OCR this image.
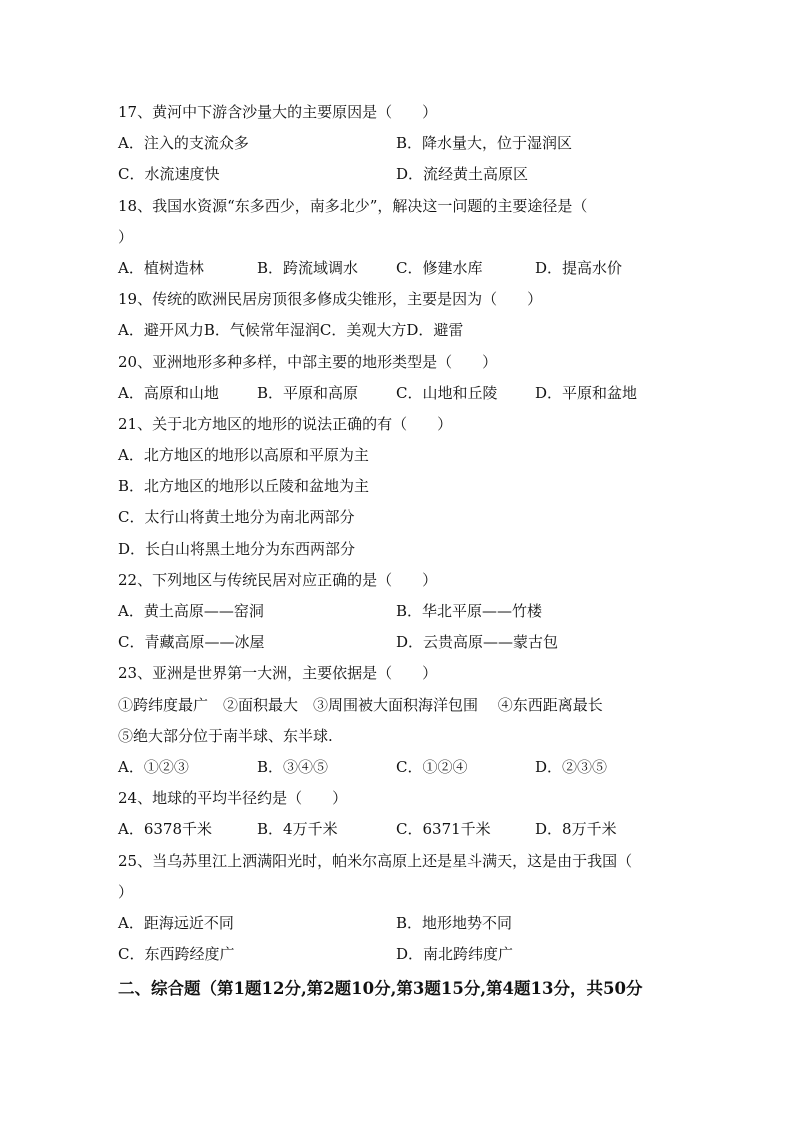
17、黄河中下游含沙量大的主要原因是（　　）
A．注入的支流众多	B．降水量大，位于湿润区
C．水流速度快	D．流经黄土高原区
18、我国水资源“东多西少，南多北少”，解决这一问题的主要途径是（
）
A．植树造林	B．跨流域调水	C．修建水库	D．提高水价
19、传统的欧洲民居房顶很多修成尖锥形，主要是因为（　　）
A．避开风力B．气候常年湿润C．美观大方D．避雷
20、亚洲地形多种多样，中部主要的地形类型是（　　）
A．高原和山地	B．平原和高原	C．山地和丘陵	D．平原和盆地
21、关于北方地区的地形的说法正确的有（　　）
A．北方地区的地形以高原和平原为主
B．北方地区的地形以丘陵和盆地为主
C．太行山将黄土地分为南北两部分
D．长白山将黑土地分为东西两部分
22、下列地区与传统民居对应正确的是（　　）
A．黄土高原——窑洞	B．华北平原——竹楼
C．青藏高原——冰屋	D．云贵高原——蒙古包
23、亚洲是世界第一大洲，主要依据是（　　）
①跨纬度最广　②面积最大　③周围被大面积海洋包围　 ④东西距离最长
⑤绝大部分位于南半球、东半球.
A．①②③	B．③④⑤	C．①②④	D．②③⑤
24、地球的平均半径约是（　　）
A．6378千米	B．4万千米	C．6371千米	D．8万千米
25、当乌苏里江上洒满阳光时，帕米尔高原上还是星斗满天，这是由于我国（
）
A．距海远近不同	B．地形地势不同
C．东西跨经度广	D．南北跨纬度广
二、综合题（第1题12分,第2题10分,第3题15分,第4题13分，共50分
